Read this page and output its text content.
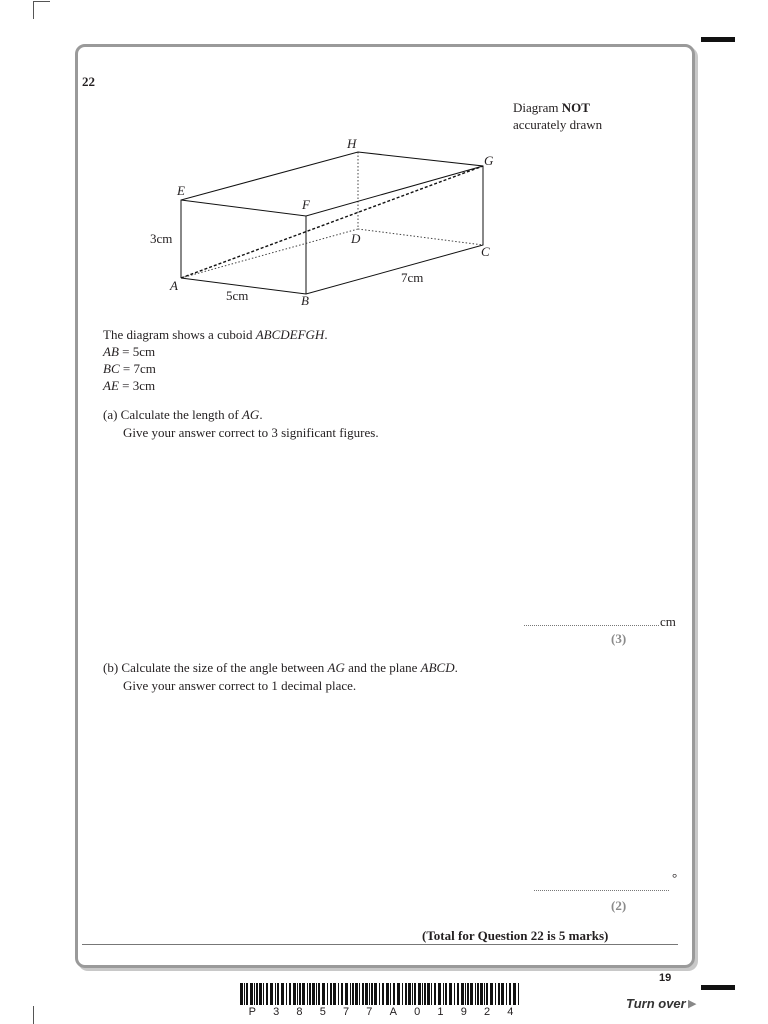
22
Diagram NOT
accurately drawn
A
B
C
D
E
F
G
H
3cm
5cm
7cm
The diagram shows a cuboid ABCDEFGH.
AB = 5cm
BC = 7cm
AE = 3cm
(a) Calculate the length of AG.
Give your answer correct to 3 significant figures.
cm
(3)
(b) Calculate the size of the angle between AG and the plane ABCD.
Give your answer correct to 1 decimal place.
°
(2)
(Total for Question 22 is 5 marks)
19
Turn over ▶
P 3 8 5 7 7 A 0 1 9 2 4
